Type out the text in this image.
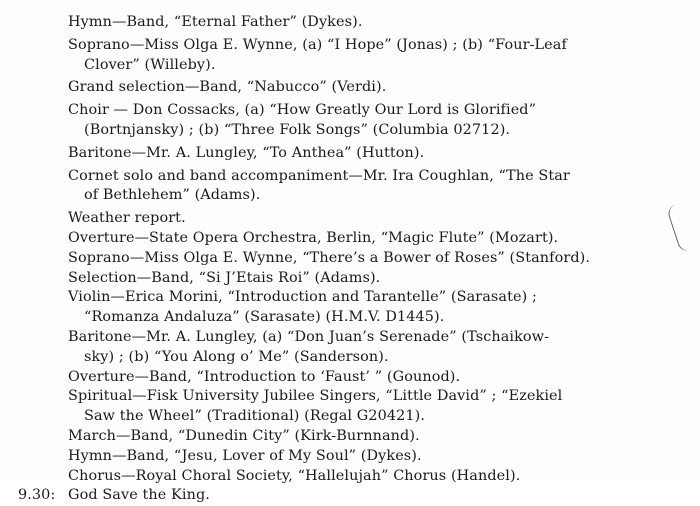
Hymn—Band, “Eternal Father” (Dykes).
Soprano—Miss Olga E. Wynne, (a) “I Hope” (Jonas) ; (b) “Four-Leaf
Clover” (Willeby).
Grand selection—Band, “Nabucco” (Verdi).
Choir — Don Cossacks, (a) “How Greatly Our Lord is Glorified”
(Bortnjansky) ; (b) “Three Folk Songs” (Columbia 02712).
Baritone—Mr. A. Lungley, “To Anthea” (Hutton).
Cornet solo and band accompaniment—Mr. Ira Coughlan, “The Star
of Bethlehem” (Adams).
Weather report.
Overture—State Opera Orchestra, Berlin, “Magic Flute” (Mozart).
Soprano—Miss Olga E. Wynne, “There’s a Bower of Roses” (Stanford).
Selection—Band, “Si J’Etais Roi” (Adams).
Violin—Erica Morini, “Introduction and Tarantelle” (Sarasate) ;
“Romanza Andaluza” (Sarasate) (H.M.V. D1445).
Baritone—Mr. A. Lungley, (a) “Don Juan’s Serenade” (Tschaikow-
sky) ; (b) “You Along o’ Me” (Sanderson).
Overture—Band, “Introduction to ‘Faust’ ” (Gounod).
Spiritual—Fisk University Jubilee Singers, “Little David” ; “Ezekiel
Saw the Wheel” (Traditional) (Regal G20421).
March—Band, “Dunedin City” (Kirk-Burnnand).
Hymn—Band, “Jesu, Lover of My Soul” (Dykes).
Chorus—Royal Choral Society, “Hallelujah” Chorus (Handel).
9.30: God Save the King.
